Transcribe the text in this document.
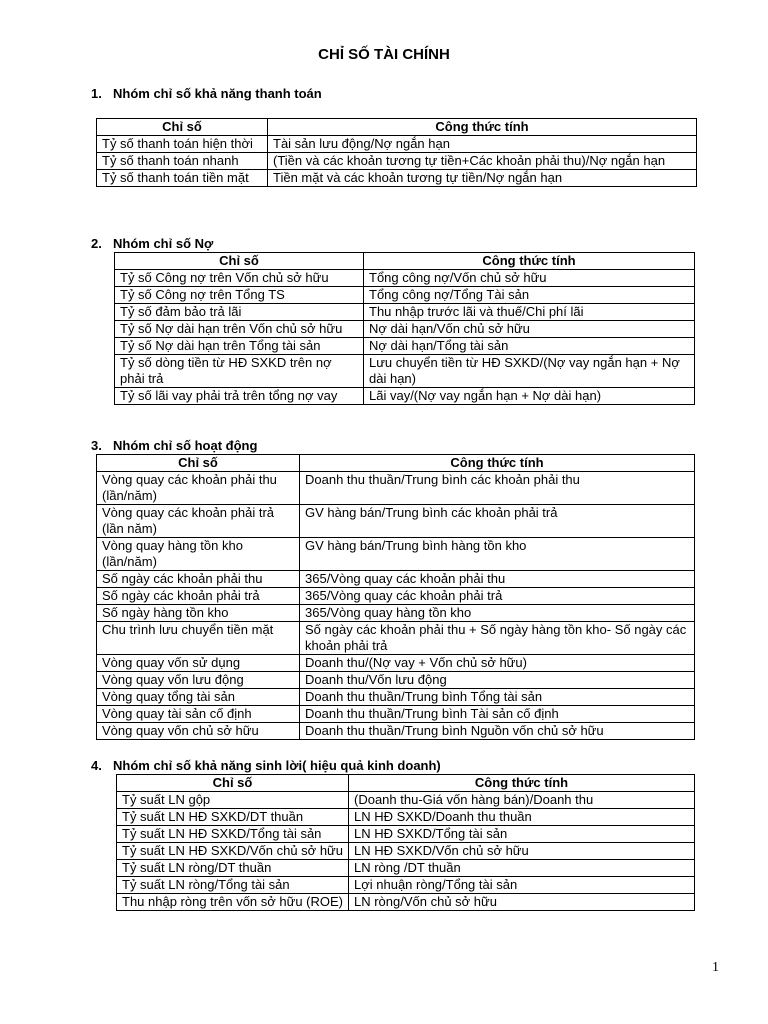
CHỈ SỐ TÀI CHÍNH
1. Nhóm chỉ số khả năng thanh toán
Chỉ số	Công thức tính
Tỷ số thanh toán hiện thời	Tài sản lưu động/Nợ ngắn hạn
Tỷ số thanh toán nhanh	(Tiền và các khoản tương tự tiền+Các khoản phải thu)/Nợ ngắn hạn
Tỷ số thanh toán tiền mặt	Tiền mặt và các khoản tương tự tiền/Nợ ngắn hạn
2. Nhóm chỉ số Nợ
Chỉ số	Công thức tính
Tỷ số Công nợ trên Vốn chủ sở hữu	Tổng công nợ/Vốn chủ sở hữu
Tỷ số Công nợ trên Tổng TS	Tổng công nợ/Tổng Tài sản
Tỷ số đảm bảo trả lãi	Thu nhập trước lãi và thuế/Chi phí lãi
Tỷ số Nợ dài hạn trên Vốn chủ sở hữu	Nợ dài hạn/Vốn chủ sở hữu
Tỷ số Nợ dài hạn trên Tổng tài sản	Nợ dài hạn/Tổng tài sản
Tỷ số dòng tiền từ HĐ SXKD trên nợ phải trả	Lưu chuyển tiền từ HĐ SXKD/(Nợ vay ngắn hạn + Nợ dài hạn)
Tỷ số lãi vay phải trả trên tổng nợ vay	Lãi vay/(Nợ vay ngắn hạn + Nợ dài hạn)
3. Nhóm chỉ số hoạt động
Chỉ số	Công thức tính
Vòng quay các khoản phải thu (lần/năm)	Doanh thu thuần/Trung bình các khoản phải thu
Vòng quay các khoản phải trả (lần năm)	GV hàng bán/Trung bình các khoản phải trả
Vòng quay hàng tồn kho (lần/năm)	GV hàng bán/Trung bình hàng tồn kho
Số ngày các khoản phải thu	365/Vòng quay các khoản phải thu
Số ngày các khoản phải trả	365/Vòng quay các khoản phải trả
Số ngày hàng tồn kho	365/Vòng quay hàng tồn kho
Chu trình lưu chuyển tiền mặt	Số ngày các khoản phải thu + Số ngày hàng tồn kho- Số ngày các khoản phải trả
Vòng quay vốn sử dụng	Doanh thu/(Nợ vay + Vốn chủ sở hữu)
Vòng quay vốn lưu động	Doanh thu/Vốn lưu động
Vòng quay tổng tài sản	Doanh thu thuần/Trung bình Tổng tài sản
Vòng quay tài sản cố định	Doanh thu thuần/Trung bình Tài sản cố định
Vòng quay vốn chủ sở hữu	Doanh thu thuần/Trung bình Nguồn vốn chủ sở hữu
4. Nhóm chỉ số khả năng sinh lời( hiệu quả kinh doanh)
Chỉ số	Công thức tính
Tỷ suất LN gộp	(Doanh thu-Giá vốn hàng bán)/Doanh thu
Tỷ suất LN HĐ SXKD/DT thuần	LN HĐ SXKD/Doanh thu thuần
Tỷ suất LN HĐ SXKD/Tổng tài sản	LN HĐ SXKD/Tổng tài sản
Tỷ suất LN HĐ SXKD/Vốn chủ sở hữu	LN HĐ SXKD/Vốn chủ sở hữu
Tỷ suất LN ròng/DT thuần	LN ròng /DT thuần
Tỷ suất LN ròng/Tổng tài sản	Lợi nhuận ròng/Tổng tài sản
Thu nhập ròng trên vốn sở hữu (ROE)	LN ròng/Vốn chủ sở hữu
1
